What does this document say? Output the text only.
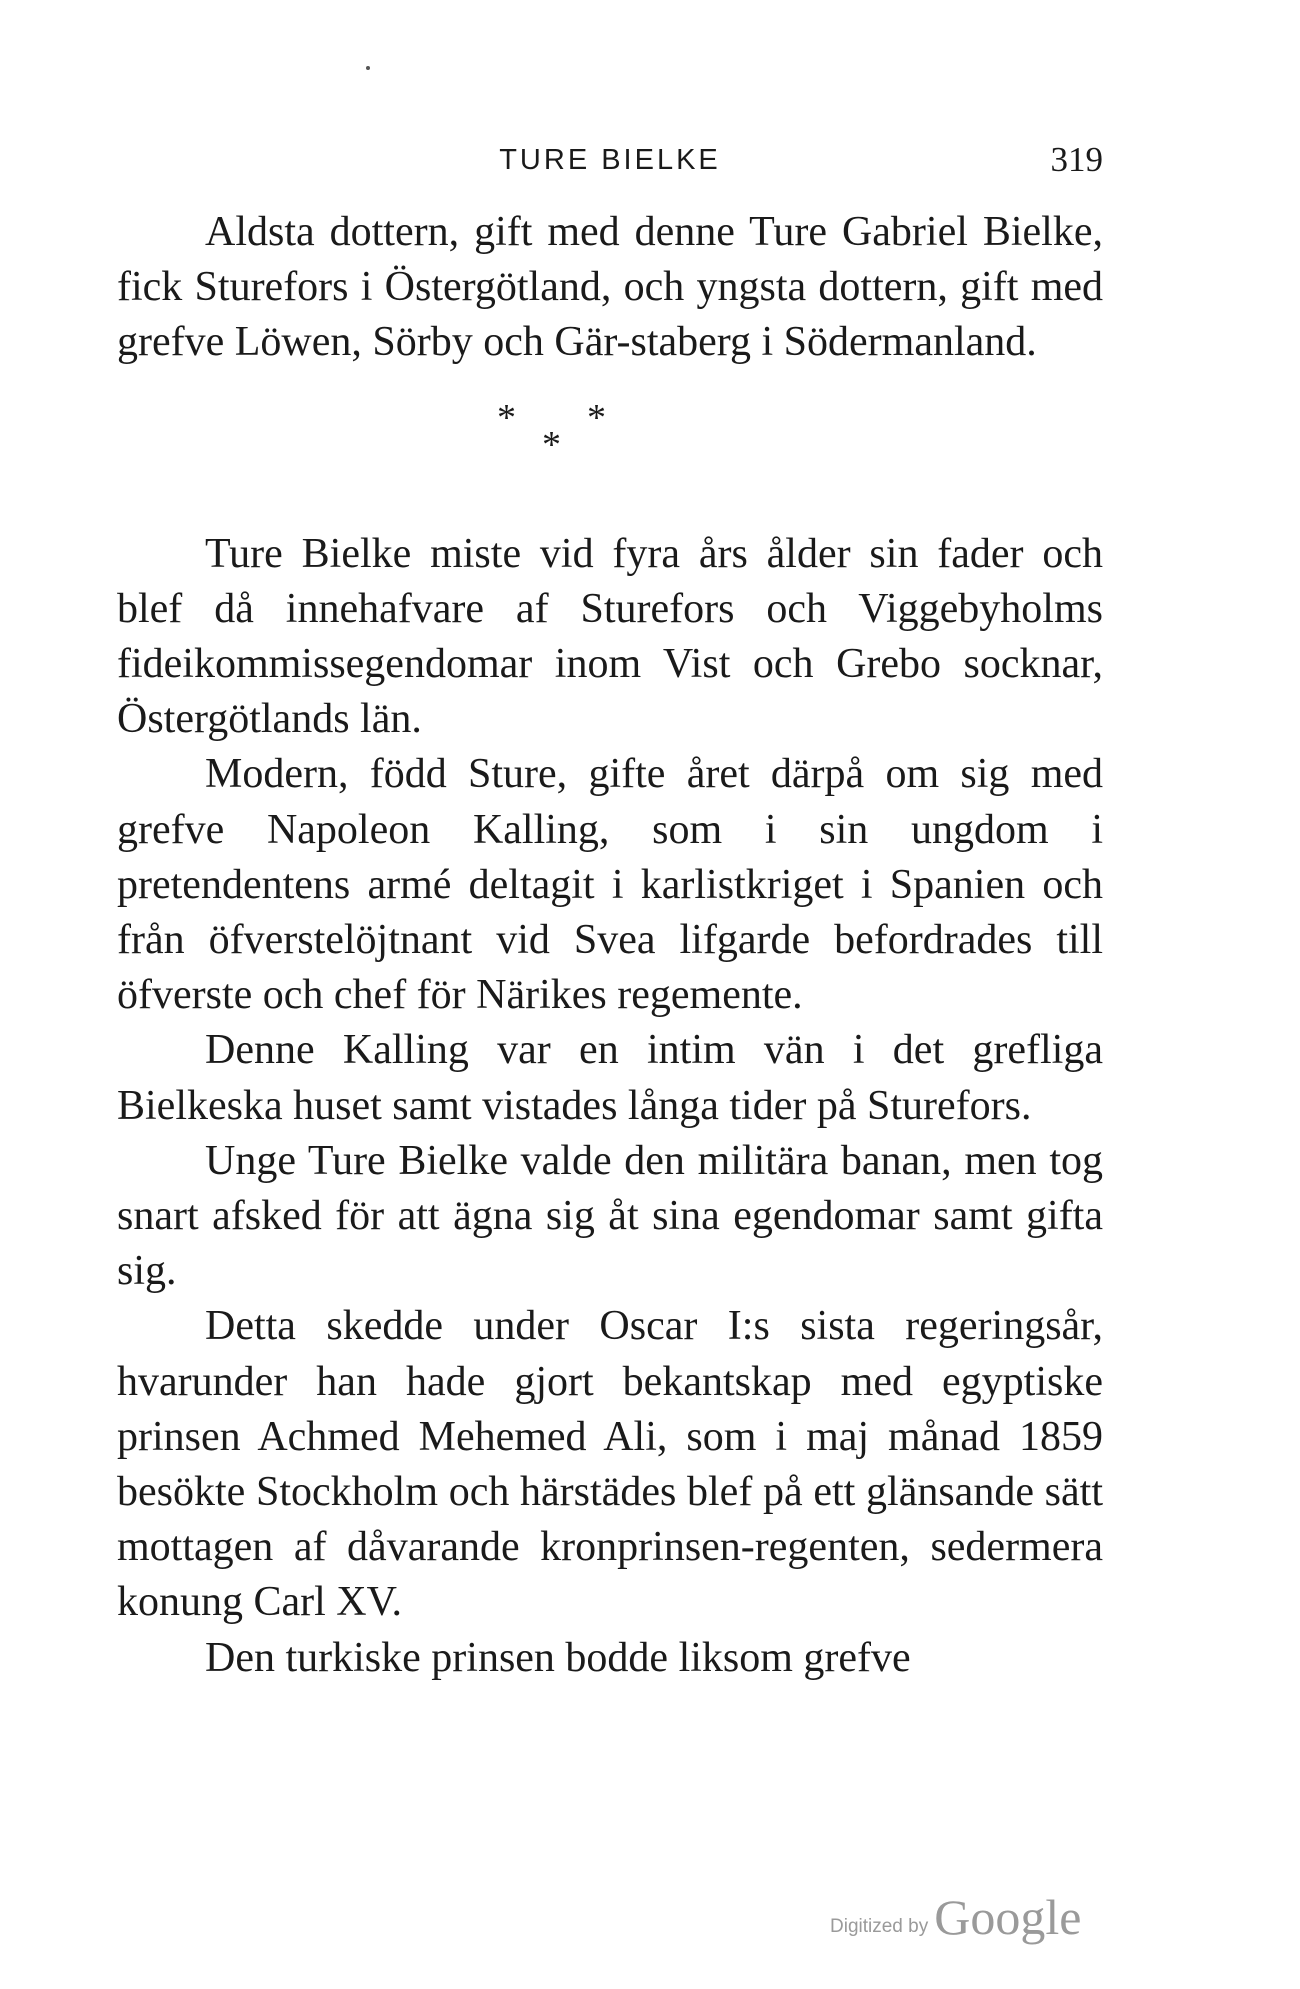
TURE BIELKE	319

Aldsta dottern, gift med denne Ture Gabriel Bielke, fick Sturefors i Östergötland, och yngsta dottern, gift med grefve Löwen, Sörby och Gär-staberg i Södermanland.

* *
*

Ture Bielke miste vid fyra års ålder sin fader och blef då innehafvare af Sturefors och Viggebyholms fideikommissegendomar inom Vist och Grebo socknar, Östergötlands län.

Modern, född Sture, gifte året därpå om sig med grefve Napoleon Kalling, som i sin ungdom i pretendentens armé deltagit i karlistkriget i Spanien och från öfverstelöjtnant vid Svea lifgarde befordrades till öfverste och chef för Närikes regemente.

Denne Kalling var en intim vän i det grefliga Bielkeska huset samt vistades långa tider på Sturefors.

Unge Ture Bielke valde den militära banan, men tog snart afsked för att ägna sig åt sina egendomar samt gifta sig.

Detta skedde under Oscar I:s sista regeringsår, hvarunder han hade gjort bekantskap med egyptiske prinsen Achmed Mehemed Ali, som i maj månad 1859 besökte Stockholm och härstädes blef på ett glänsande sätt mottagen af dåvarande kronprinsen-regenten, sedermera konung Carl XV.

Den turkiske prinsen bodde liksom grefve

Digitized by Google
